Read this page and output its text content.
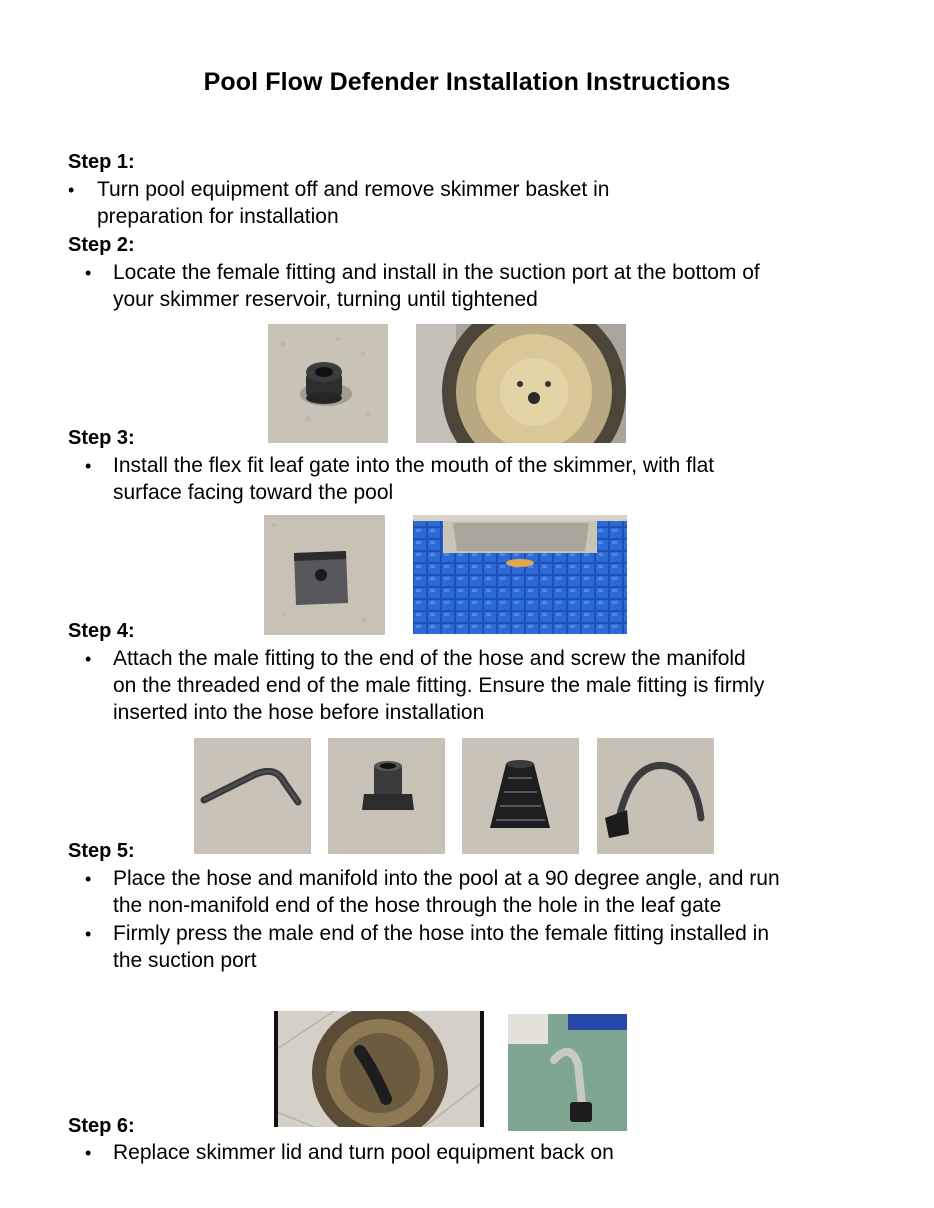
Pool Flow Defender Installation Instructions
Step 1:
• Turn pool equipment off and remove skimmer basket in
preparation for installation
Step 2:
• Locate the female fitting and install in the suction port at the bottom of
your skimmer reservoir, turning until tightened
Step 3:
• Install the flex fit leaf gate into the mouth of the skimmer, with flat
surface facing toward the pool
Step 4:
• Attach the male fitting to the end of the hose and screw the manifold
on the threaded end of the male fitting. Ensure the male fitting is firmly
inserted into the hose before installation
Step 5:
• Place the hose and manifold into the pool at a 90 degree angle, and run
the non-manifold end of the hose through the hole in the leaf gate
• Firmly press the male end of the hose into the female fitting installed in
the suction port
Step 6:
• Replace skimmer lid and turn pool equipment back on
